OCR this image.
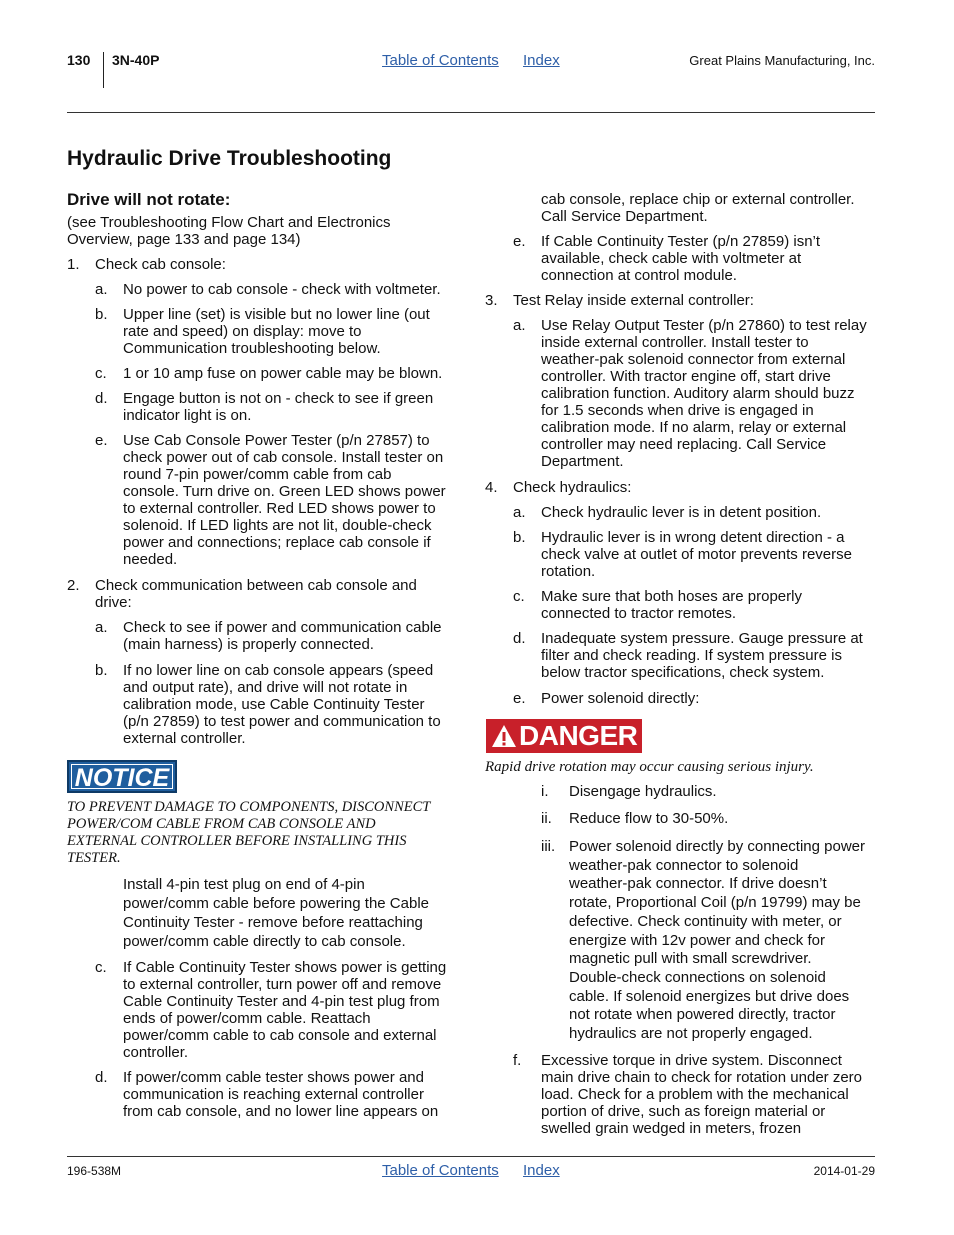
130 3N-40P	Table of Contents Index	Great Plains Manufacturing, Inc.
Hydraulic Drive Troubleshooting
Drive will not rotate:
(see Troubleshooting Flow Chart and Electronics
Overview, page 133 and page 134)
1. Check cab console:
a. No power to cab console - check with voltmeter.
b. Upper line (set) is visible but no lower line (out
rate and speed) on display: move to
Communication troubleshooting below.
c. 1 or 10 amp fuse on power cable may be blown.
d. Engage button is not on - check to see if green
indicator light is on.
e. Use Cab Console Power Tester (p/n 27857) to
check power out of cab console. Install tester on
round 7-pin power/comm cable from cab
console. Turn drive on. Green LED shows power
to external controller. Red LED shows power to
solenoid. If LED lights are not lit, double-check
power and connections; replace cab console if
needed.
2. Check communication between cab console and
drive:
a. Check to see if power and communication cable
(main harness) is properly connected.
b. If no lower line on cab console appears (speed
and output rate), and drive will not rotate in
calibration mode, use Cable Continuity Tester
(p/n 27859) to test power and communication to
external controller.
NOTICE
TO PREVENT DAMAGE TO COMPONENTS, DISCONNECT
POWER/COM CABLE FROM CAB CONSOLE AND
EXTERNAL CONTROLLER BEFORE INSTALLING THIS
TESTER.
Install 4-pin test plug on end of 4-pin
power/comm cable before powering the Cable
Continuity Tester - remove before reattaching
power/comm cable directly to cab console.
c. If Cable Continuity Tester shows power is getting
to external controller, turn power off and remove
Cable Continuity Tester and 4-pin test plug from
ends of power/comm cable. Reattach
power/comm cable to cab console and external
controller.
d. If power/comm cable tester shows power and
communication is reaching external controller
from cab console, and no lower line appears on
cab console, replace chip or external controller.
Call Service Department.
e. If Cable Continuity Tester (p/n 27859) isn’t
available, check cable with voltmeter at
connection at control module.
3. Test Relay inside external controller:
a. Use Relay Output Tester (p/n 27860) to test relay
inside external controller. Install tester to
weather-pak solenoid connector from external
controller. With tractor engine off, start drive
calibration function. Auditory alarm should buzz
for 1.5 seconds when drive is engaged in
calibration mode. If no alarm, relay or external
controller may need replacing. Call Service
Department.
4. Check hydraulics:
a. Check hydraulic lever is in detent position.
b. Hydraulic lever is in wrong detent direction - a
check valve at outlet of motor prevents reverse
rotation.
c. Make sure that both hoses are properly
connected to tractor remotes.
d. Inadequate system pressure. Gauge pressure at
filter and check reading. If system pressure is
below tractor specifications, check system.
e. Power solenoid directly:
DANGER
Rapid drive rotation may occur causing serious injury.
i. Disengage hydraulics.
ii. Reduce flow to 30-50%.
iii. Power solenoid directly by connecting power
weather-pak connector to solenoid
weather-pak connector. If drive doesn’t
rotate, Proportional Coil (p/n 19799) may be
defective. Check continuity with meter, or
energize with 12v power and check for
magnetic pull with small screwdriver.
Double-check connections on solenoid
cable. If solenoid energizes but drive does
not rotate when powered directly, tractor
hydraulics are not properly engaged.
f. Excessive torque in drive system. Disconnect
main drive chain to check for rotation under zero
load. Check for a problem with the mechanical
portion of drive, such as foreign material or
swelled grain wedged in meters, frozen
196-538M	Table of Contents Index	2014-01-29
